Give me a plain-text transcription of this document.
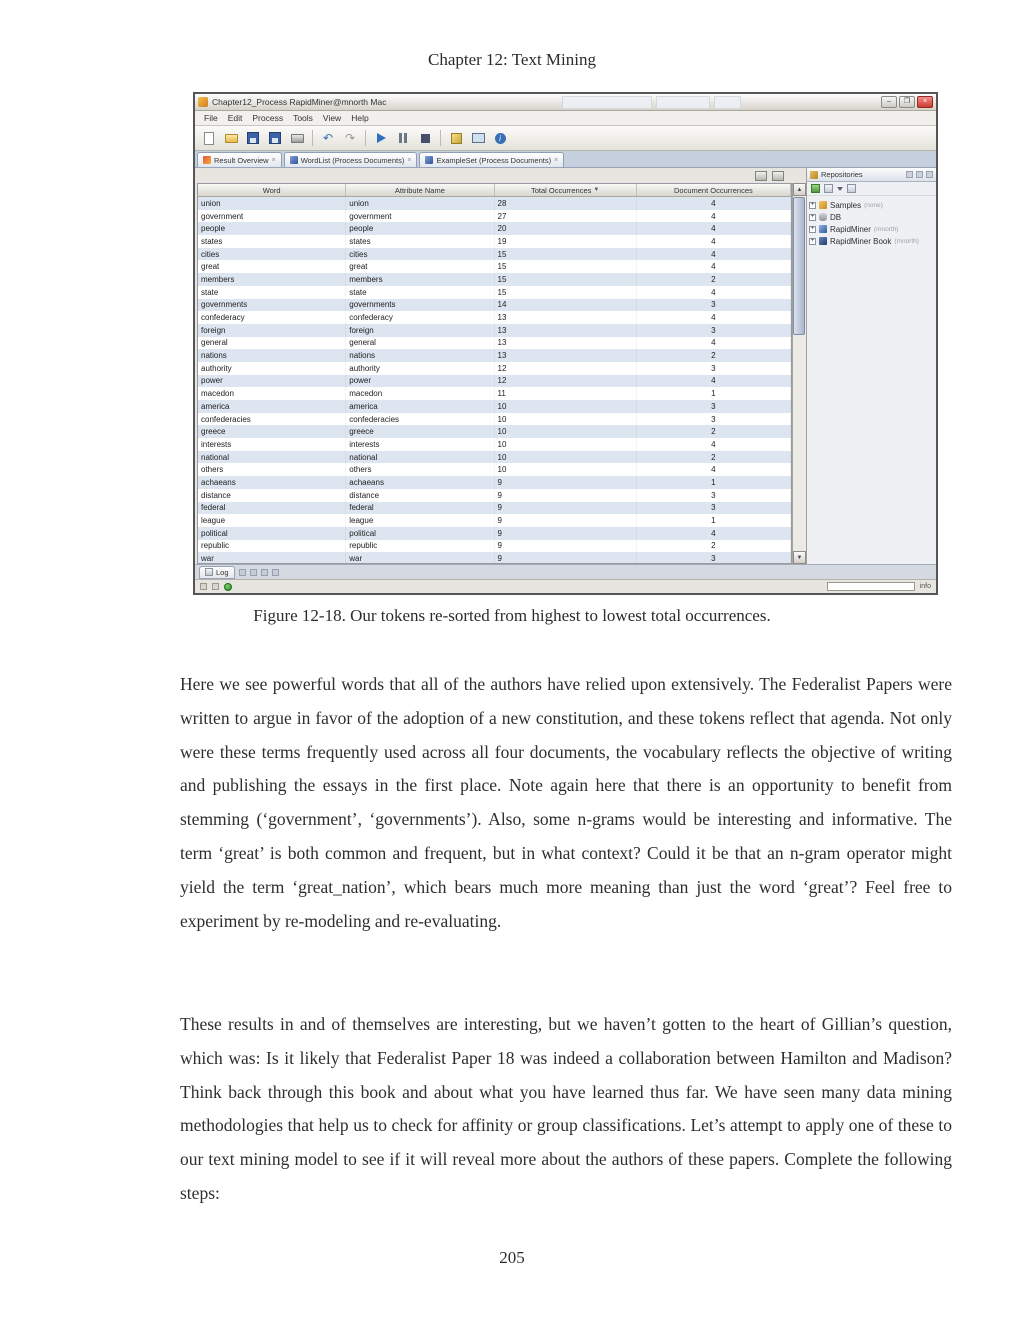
Chapter 12: Text Mining
Chapter12_Process RapidMiner@mnorth Mac	–	❐	×
File	Edit	Process	Tools	View	Help
↶ ↷	i
Result Overview ×	WordList (Process Documents) ×	ExampleSet (Process Documents) ×
Word	Attribute Name	Total Occurrences ▼	Document Occurrences
union	union	28	4
government	government	27	4
people	people	20	4
states	states	19	4
cities	cities	15	4
great	great	15	4
members	members	15	2
state	state	15	4
governments	governments	14	3
confederacy	confederacy	13	4
foreign	foreign	13	3
general	general	13	4
nations	nations	13	2
authority	authority	12	3
power	power	12	4
macedon	macedon	11	1
america	america	10	3
confederacies	confederacies	10	3
greece	greece	10	2
interests	interests	10	4
national	national	10	2
others	others	10	4
achaeans	achaeans	9	1
distance	distance	9	3
federal	federal	9	3
league	league	9	1
political	political	9	4
republic	republic	9	2
war	war	9	3
▲
▼
Repositories
+ Samples (none)
+ DB
+ RapidMiner (mnorth)
+ RapidMiner Book (mnorth)
Log
info
Figure 12-18. Our tokens re-sorted from highest to lowest total occurrences.

Here we see powerful words that all of the authors have relied upon extensively. The Federalist Papers were written to argue in favor of the adoption of a new constitution, and these tokens reflect that agenda. Not only were these terms frequently used across all four documents, the vocabulary reflects the objective of writing and publishing the essays in the first place. Note again here that there is an opportunity to benefit from stemming (‘government’, ‘governments’). Also, some n-grams would be interesting and informative. The term ‘great’ is both common and frequent, but in what context? Could it be that an n-gram operator might yield the term ‘great_nation’, which bears much more meaning than just the word ‘great’? Feel free to experiment by re-modeling and re-evaluating.

These results in and of themselves are interesting, but we haven’t gotten to the heart of Gillian’s question, which was: Is it likely that Federalist Paper 18 was indeed a collaboration between Hamilton and Madison? Think back through this book and about what you have learned thus far. We have seen many data mining methodologies that help us to check for affinity or group classifications. Let’s attempt to apply one of these to our text mining model to see if it will reveal more about the authors of these papers. Complete the following steps:

205
